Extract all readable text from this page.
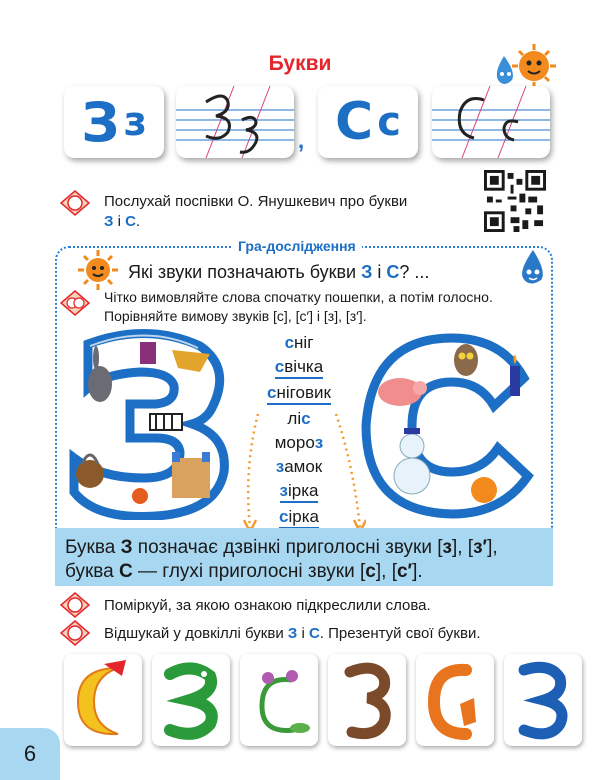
Букви
З з	, С с
Послухай поспівки О. Янушкевич про букви
З і С.
Гра-дослідження
Які звуки позначають букви З і С? ...
Чітко вимовляйте слова спочатку пошепки, а потім голосно. Порівняйте вимову звуків [с], [с′] і [з], [з′].
сніг
свічка
сніговик
ліс
мороз
замок
зірка
сірка
Буква З позначає дзвінкі приголосні звуки [з], [з′], буква С — глухі приголосні звуки [с], [с′].
Поміркуй, за якою ознакою підкреслили слова.
Відшукай у довкіллі букви З і С. Презентуй свої букви.
6
